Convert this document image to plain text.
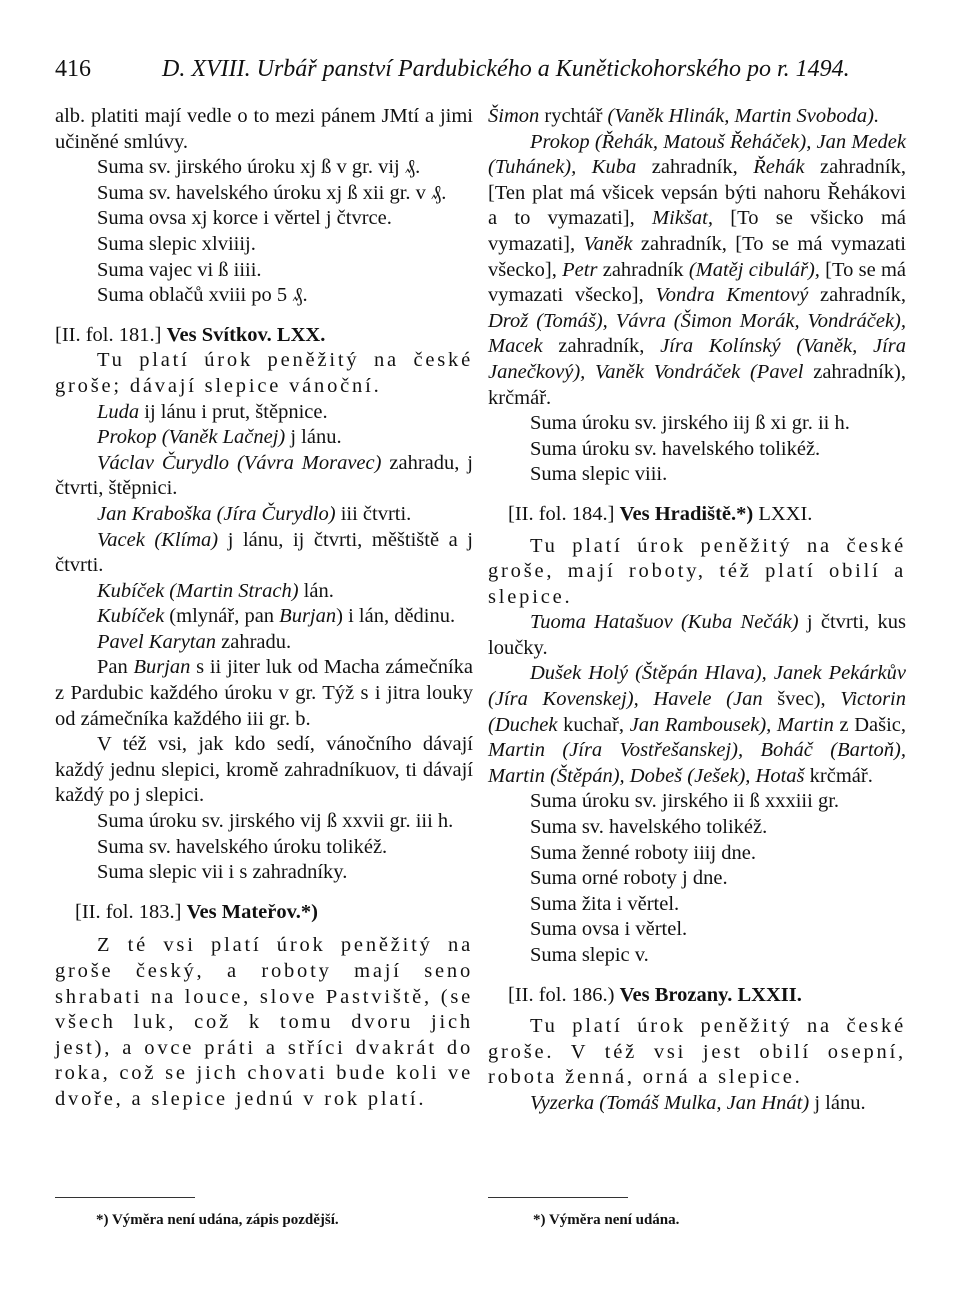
416	D. XVIII. Urbář panství Pardubického a Kunětickohorského po r. 1494.

alb. platiti mají vedle o to mezi pánem JMtí a jimi učiněné smlúvy.

Suma sv. jirského úroku xj ß v gr. vij ₰.

Suma sv. havelského úroku xj ß xii gr. v ₰.

Suma ovsa xj korce i věrtel j čtvrce.

Suma slepic xlviiij.

Suma vajec vi ß iiii.

Suma oblačů xviii po 5 ₰.

[II. fol. 181.] Ves Svítkov. LXX.

Tu platí úrok peněžitý na české groše; dávají slepice vánoční.

Luda ij lánu i prut, štěpnice.

Prokop (Vaněk Lačnej) j lánu.

Václav Čurydlo (Vávra Moravec) zahradu, j čtvrti, štěpnici.

Jan Kraboška (Jíra Čurydlo) iii čtvrti.

Vacek (Klíma) j lánu, ij čtvrti, měštiště a j čtvrti.

Kubíček (Martin Strach) lán.

Kubíček (mlynář, pan Burjan) i lán, dědinu.

Pavel Karytan zahradu.

Pan Burjan s ii jiter luk od Macha zámečníka z Pardubic každého úroku v gr. Týž s i jitra louky od zámečníka každého iii gr. b.

V též vsi, jak kdo sedí, vánočního dávají každý jednu slepici, kromě zahradníkuov, ti dávají každý po j slepici.

Suma úroku sv. jirského vij ß xxvii gr. iii h.

Suma sv. havelského úroku tolikéž.

Suma slepic vii i s zahradníky.

[II. fol. 183.] Ves Mateřov.*)

Z té vsi platí úrok peněžitý na groše český, a roboty mají seno shrabati na louce, slove Pastviště, (se všech luk, což k tomu dvoru jich jest), a ovce práti a stříci dvakrát do roka, což se jich chovati bude koli ve dvoře, a slepice jednú v rok platí.

*) Výměra není udána, zápis pozdější.

Šimon rychtář (Vaněk Hlinák, Martin Svoboda).

Prokop (Řehák, Matouš Řeháček), Jan Medek (Tuhánek), Kuba zahradník, Řehák zahradník, [Ten plat má všicek vepsán býti nahoru Řehákovi a to vymazati], Mikšat, [To se všicko má vymazati], Vaněk zahradník, [To se má vymazati všecko], Petr zahradník (Matěj cibulář), [To se má vymazati všecko], Vondra Kmentový zahradník, Drož (Tomáš), Vávra (Šimon Morák, Vondráček), Macek zahradník, Jíra Kolínský (Vaněk, Jíra Janečkový), Vaněk Vondráček (Pavel zahradník), krčmář.

Suma úroku sv. jirského iij ß xi gr. ii h.

Suma úroku sv. havelského tolikéž.

Suma slepic viii.

[II. fol. 184.] Ves Hradiště.*) LXXI.

Tu platí úrok peněžitý na české groše, mají roboty, též platí obilí a slepice.

Tuoma Hatašuov (Kuba Nečák) j čtvrti, kus loučky.

Dušek Holý (Štěpán Hlava), Janek Pekárkův (Jíra Kovenskej), Havele (Jan švec), Victorin (Duchek kuchař, Jan Rambousek), Martin z Dašic, Martin (Jíra Vostřešanskej), Boháč (Bartoň), Martin (Štěpán), Dobeš (Ješek), Hotaš krčmář.

Suma úroku sv. jirského ii ß xxxiii gr.

Suma sv. havelského tolikéž.

Suma ženné roboty iiij dne.

Suma orné roboty j dne.

Suma žita i věrtel.

Suma ovsa i věrtel.

Suma slepic v.

[II. fol. 186.) Ves Brozany. LXXII.

Tu platí úrok peněžitý na české groše. V též vsi jest obilí osepní, robota ženná, orná a slepice.

Vyzerka (Tomáš Mulka, Jan Hnát) j lánu.

*) Výměra není udána.
